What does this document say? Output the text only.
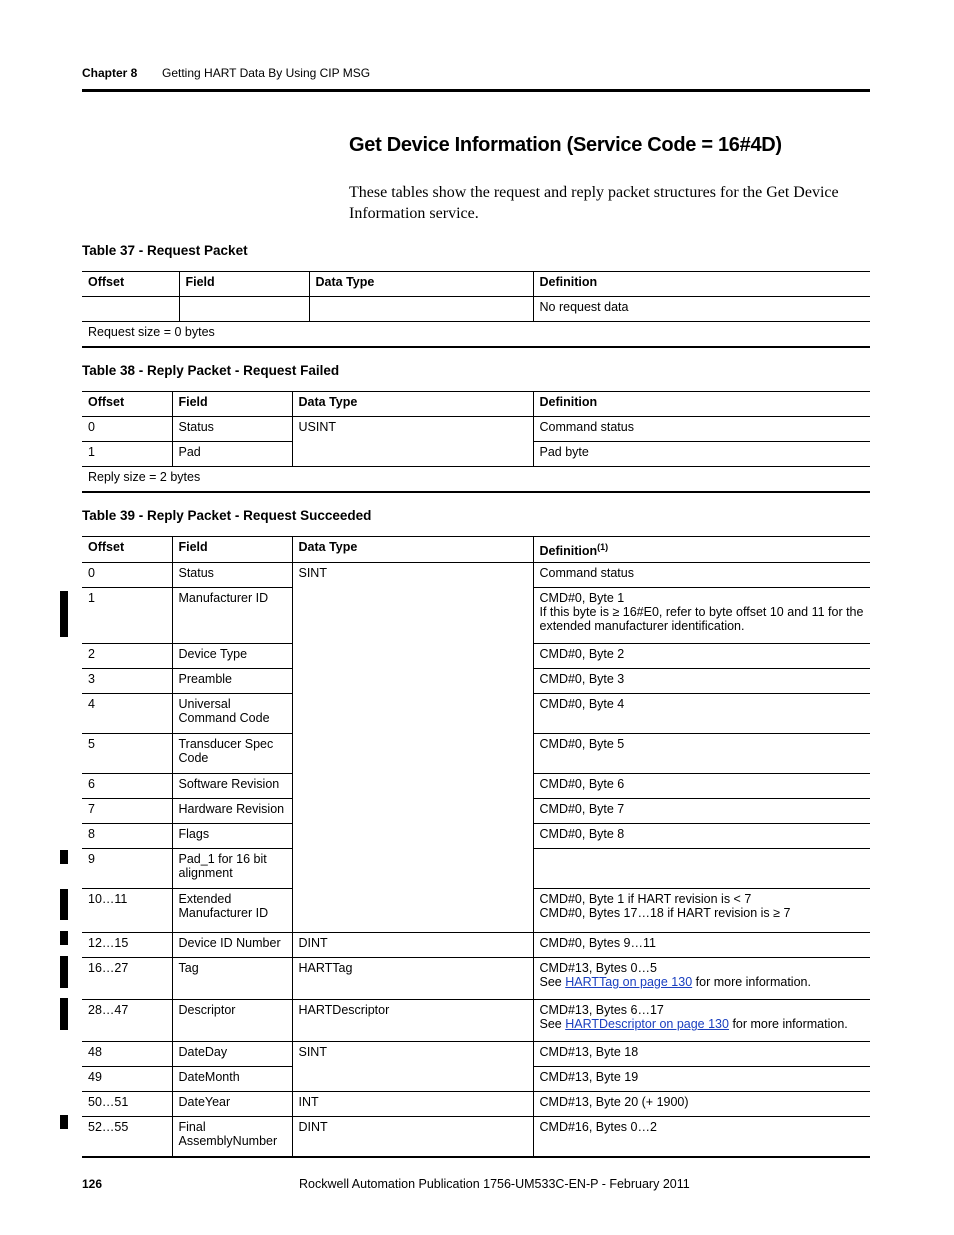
Chapter 8 Getting HART Data By Using CIP MSG
Get Device Information (Service Code = 16#4D)
These tables show the request and reply packet structures for the Get Device Information service.
Table 37 - Request Packet
Offset	Field	Data Type	Definition
			No request data
Request size = 0 bytes			
Table 38 - Reply Packet - Request Failed
Offset	Field	Data Type	Definition
0	Status	USINT	Command status
1	Pad		Pad byte
Reply size = 2 bytes			
Table 39 - Reply Packet - Request Succeeded
Offset	Field	Data Type	Definition$^{(1)}$
0	Status	SINT	Command status
1	Manufacturer ID		CMD#0, Byte 1
If this byte is ≥ 16#E0, refer to byte offset 10 and 11 for the extended manufacturer identification.

2	Device Type		CMD#0, Byte 2
3	Preamble		CMD#0, Byte 3
4	Universal Command Code		CMD#0, Byte 4
5	Transducer Spec Code		CMD#0, Byte 5
6	Software Revision		CMD#0, Byte 6
7	Hardware Revision		CMD#0, Byte 7
8	Flags		CMD#0, Byte 8
9	Pad_1 for 16 bit alignment		
10…11	Extended Manufacturer ID		CMD#0, Byte 1 if HART revision is < 7
CMD#0, Bytes 17…18 if HART revision is ≥ 7

12…15	Device ID Number	DINT	CMD#0, Bytes 9…11
16…27	Tag	HARTTag	CMD#13, Bytes 0…5
See HARTTag on page 130 for more information.

28…47	Descriptor	HARTDescriptor	CMD#13, Bytes 6…17
See HARTDescriptor on page 130 for more information.

48	DateDay	SINT	CMD#13, Byte 18
49	DateMonth		CMD#13, Byte 19
50…51	DateYear	INT	CMD#13, Byte 20 (+ 1900)
52…55	Final AssemblyNumber	DINT	CMD#16, Bytes 0…2
126	Rockwell Automation Publication 1756-UM533C-EN-P - February 2011
